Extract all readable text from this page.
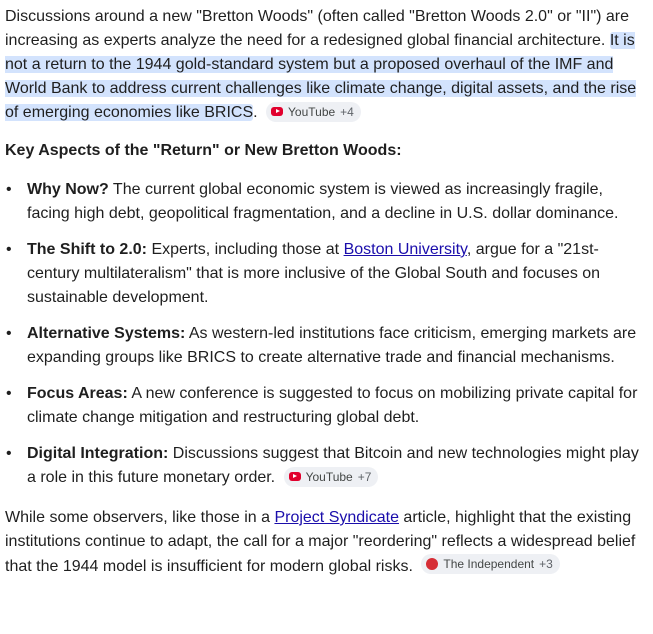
Discussions around a new "Bretton Woods" (often called "Bretton Woods 2.0" or "II") are increasing as experts analyze the need for a redesigned global financial architecture. It is not a return to the 1944 gold-standard system but a proposed overhaul of the IMF and World Bank to address current challenges like climate change, digital assets, and the rise of emerging economies like BRICS.	YouTube +4

Key Aspects of the "Return" or New Bretton Woods:
• Why Now? The current global economic system is viewed as increasingly fragile, facing high debt, geopolitical fragmentation, and a decline in U.S. dollar dominance.
• The Shift to 2.0: Experts, including those at Boston University, argue for a "21st-century multilateralism" that is more inclusive of the Global South and focuses on sustainable development.
• Alternative Systems: As western-led institutions face criticism, emerging markets are expanding groups like BRICS to create alternative trade and financial mechanisms.
• Focus Areas: A new conference is suggested to focus on mobilizing private capital for climate change mitigation and restructuring global debt.
• Digital Integration: Discussions suggest that Bitcoin and new technologies might play a role in this future monetary order.	YouTube +7

While some observers, like those in a Project Syndicate article, highlight that the existing institutions continue to adapt, the call for a major "reordering" reflects a widespread belief that the 1944 model is insufficient for modern global risks.	The Independent +3
